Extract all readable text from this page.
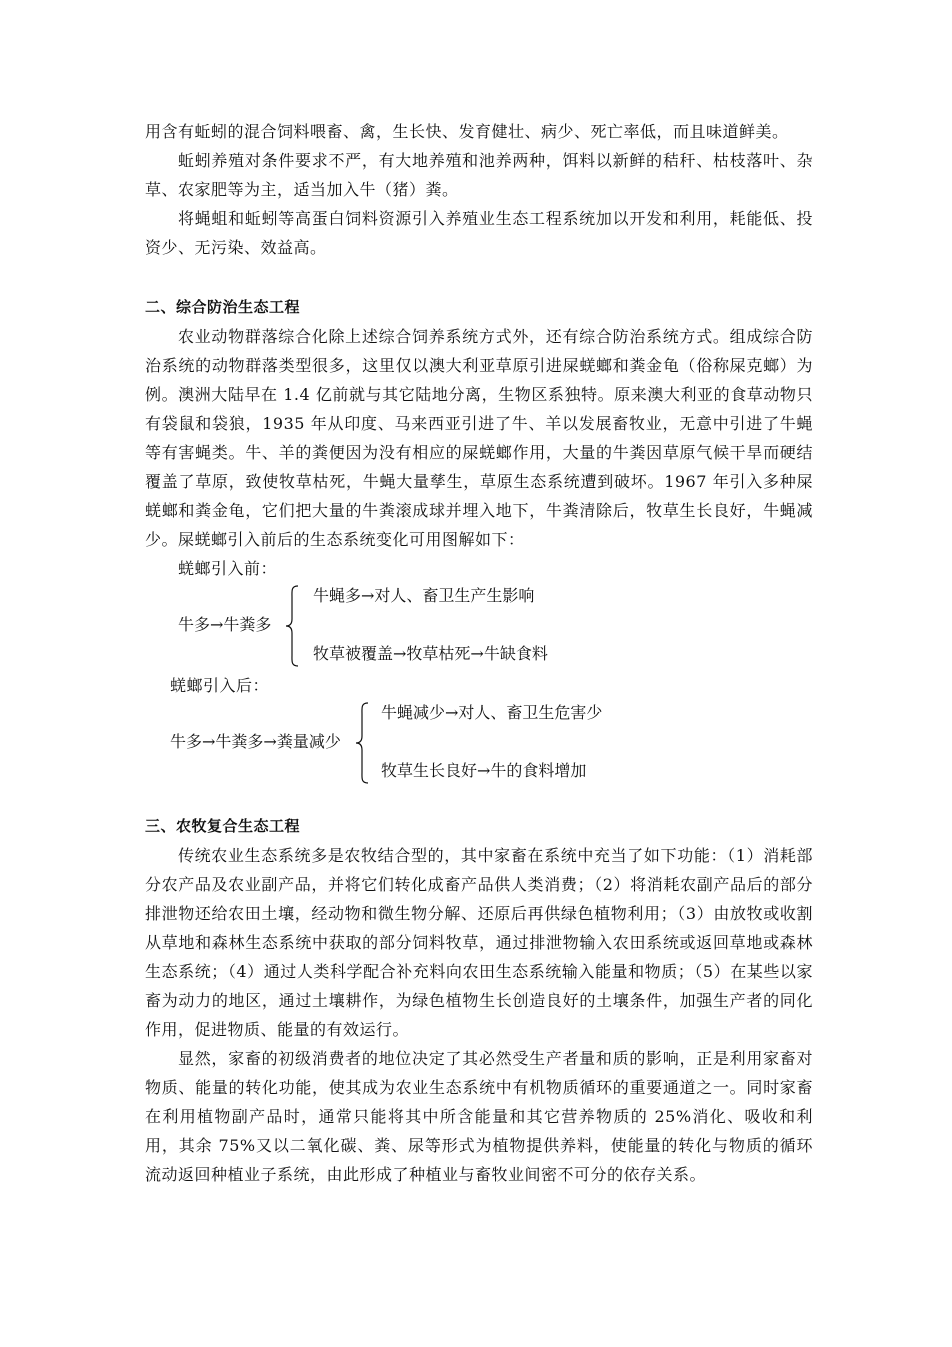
用含有蚯蚓的混合饲料喂畜、禽，生长快、发育健壮、病少、死亡率低，而且味道鲜美。

蚯蚓养殖对条件要求不严，有大地养殖和池养两种，饵料以新鲜的秸秆、枯枝落叶、杂草、农家肥等为主，适当加入牛（猪）粪。

将蝇蛆和蚯蚓等高蛋白饲料资源引入养殖业生态工程系统加以开发和利用，耗能低、投资少、无污染、效益高。

二、综合防治生态工程

农业动物群落综合化除上述综合饲养系统方式外，还有综合防治系统方式。组成综合防治系统的动物群落类型很多，这里仅以澳大利亚草原引进屎蜣螂和粪金龟（俗称屎克螂）为例。澳洲大陆早在 1.4 亿前就与其它陆地分离，生物区系独特。原来澳大利亚的食草动物只有袋鼠和袋狼，1935 年从印度、马来西亚引进了牛、羊以发展畜牧业，无意中引进了牛蝇等有害蝇类。牛、羊的粪便因为没有相应的屎蜣螂作用，大量的牛粪因草原气候干旱而硬结覆盖了草原，致使牧草枯死，牛蝇大量孳生，草原生态系统遭到破坏。1967 年引入多种屎蜣螂和粪金龟，它们把大量的牛粪滚成球并埋入地下，牛粪清除后，牧草生长良好，牛蝇减少。屎蜣螂引入前后的生态系统变化可用图解如下：

蜣螂引入前：

牛多→牛粪多
牛蝇多→对人、畜卫生产生影响
牧草被覆盖→牧草枯死→牛缺食料

蜣螂引入后：

牛多→牛粪多→粪量减少
牛蝇减少→对人、畜卫生危害少
牧草生长良好→牛的食料增加
三、农牧复合生态工程

传统农业生态系统多是农牧结合型的，其中家畜在系统中充当了如下功能：（1）消耗部分农产品及农业副产品，并将它们转化成畜产品供人类消费；（2）将消耗农副产品后的部分排泄物还给农田土壤，经动物和微生物分解、还原后再供绿色植物利用；（3）由放牧或收割从草地和森林生态系统中获取的部分饲料牧草，通过排泄物输入农田系统或返回草地或森林生态系统；（4）通过人类科学配合补充料向农田生态系统输入能量和物质；（5）在某些以家畜为动力的地区，通过土壤耕作，为绿色植物生长创造良好的土壤条件，加强生产者的同化作用，促进物质、能量的有效运行。

显然，家畜的初级消费者的地位决定了其必然受生产者量和质的影响，正是利用家畜对物质、能量的转化功能，使其成为农业生态系统中有机物质循环的重要通道之一。同时家畜在利用植物副产品时，通常只能将其中所含能量和其它营养物质的 25%消化、吸收和利用，其余 75%又以二氧化碳、粪、尿等形式为植物提供养料，使能量的转化与物质的循环流动返回种植业子系统，由此形成了种植业与畜牧业间密不可分的依存关系。
